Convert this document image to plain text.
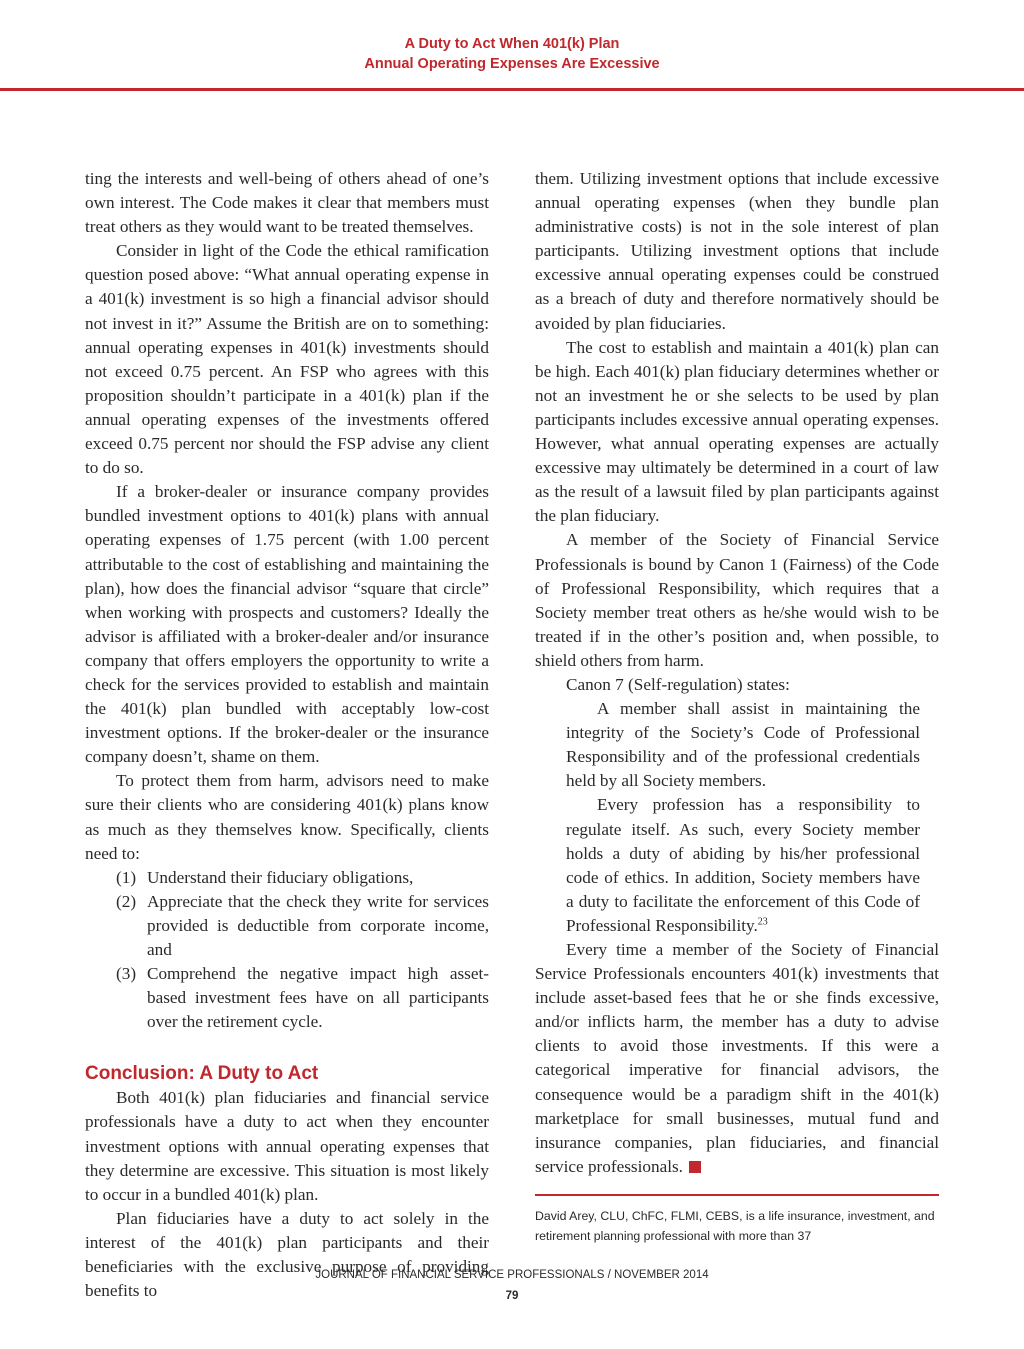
A Duty to Act When 401(k) Plan
Annual Operating Expenses Are Excessive

ting the interests and well-being of others ahead of one’s own interest. The Code makes it clear that members must treat others as they would want to be treated themselves.

Consider in light of the Code the ethical ramification question posed above: “What annual operating expense in a 401(k) investment is so high a financial advisor should not invest in it?” Assume the British are on to something: annual operating expenses in 401(k) investments should not exceed 0.75 percent. An FSP who agrees with this proposition shouldn’t participate in a 401(k) plan if the annual operating expenses of the investments offered exceed 0.75 percent nor should the FSP advise any client to do so.

If a broker-dealer or insurance company provides bundled investment options to 401(k) plans with annual operating expenses of 1.75 percent (with 1.00 percent attributable to the cost of establishing and maintaining the plan), how does the financial advisor “square that circle” when working with prospects and customers? Ideally the advisor is affiliated with a broker-dealer and/or insurance company that offers employers the opportunity to write a check for the services provided to establish and maintain the 401(k) plan bundled with acceptably low-cost investment options. If the broker-dealer or the insurance company doesn’t, shame on them.

To protect them from harm, advisors need to make sure their clients who are considering 401(k) plans know as much as they themselves know. Specifically, clients need to:

(1) Understand their fiduciary obligations,

(2) Appreciate that the check they write for services provided is deductible from corporate income, and

(3) Comprehend the negative impact high asset-based investment fees have on all participants over the retirement cycle.

Conclusion: A Duty to Act

Both 401(k) plan fiduciaries and financial service professionals have a duty to act when they encounter investment options with annual operating expenses that they determine are excessive. This situation is most likely to occur in a bundled 401(k) plan.

Plan fiduciaries have a duty to act solely in the interest of the 401(k) plan participants and their beneficiaries with the exclusive purpose of providing benefits to

them. Utilizing investment options that include excessive annual operating expenses (when they bundle plan administrative costs) is not in the sole interest of plan participants. Utilizing investment options that include excessive annual operating expenses could be construed as a breach of duty and therefore normatively should be avoided by plan fiduciaries.

The cost to establish and maintain a 401(k) plan can be high. Each 401(k) plan fiduciary determines whether or not an investment he or she selects to be used by plan participants includes excessive annual operating expenses. However, what annual operating expenses are actually excessive may ultimately be determined in a court of law as the result of a lawsuit filed by plan participants against the plan fiduciary.

A member of the Society of Financial Service Professionals is bound by Canon 1 (Fairness) of the Code of Professional Responsibility, which requires that a Society member treat others as he/she would wish to be treated if in the other’s position and, when possible, to shield others from harm.

Canon 7 (Self-regulation) states:

A member shall assist in maintaining the integrity of the Society’s Code of Professional Responsibility and of the professional credentials held by all Society members.

Every profession has a responsibility to regulate itself. As such, every Society member holds a duty of abiding by his/her professional code of ethics. In addition, Society members have a duty to facilitate the enforcement of this Code of Professional Responsibility.$^{23}$

Every time a member of the Society of Financial Service Professionals encounters 401(k) investments that include asset-based fees that he or she finds excessive, and/or inflicts harm, the member has a duty to advise clients to avoid those investments. If this were a categorical imperative for financial advisors, the consequence would be a paradigm shift in the 401(k) marketplace for small businesses, mutual fund and insurance companies, plan fiduciaries, and financial service professionals.

David Arey, CLU, ChFC, FLMI, CEBS, is a life insurance, investment, and retirement planning professional with more than 37

JOURNAL OF FINANCIAL SERVICE PROFESSIONALS / NOVEMBER 2014
79
